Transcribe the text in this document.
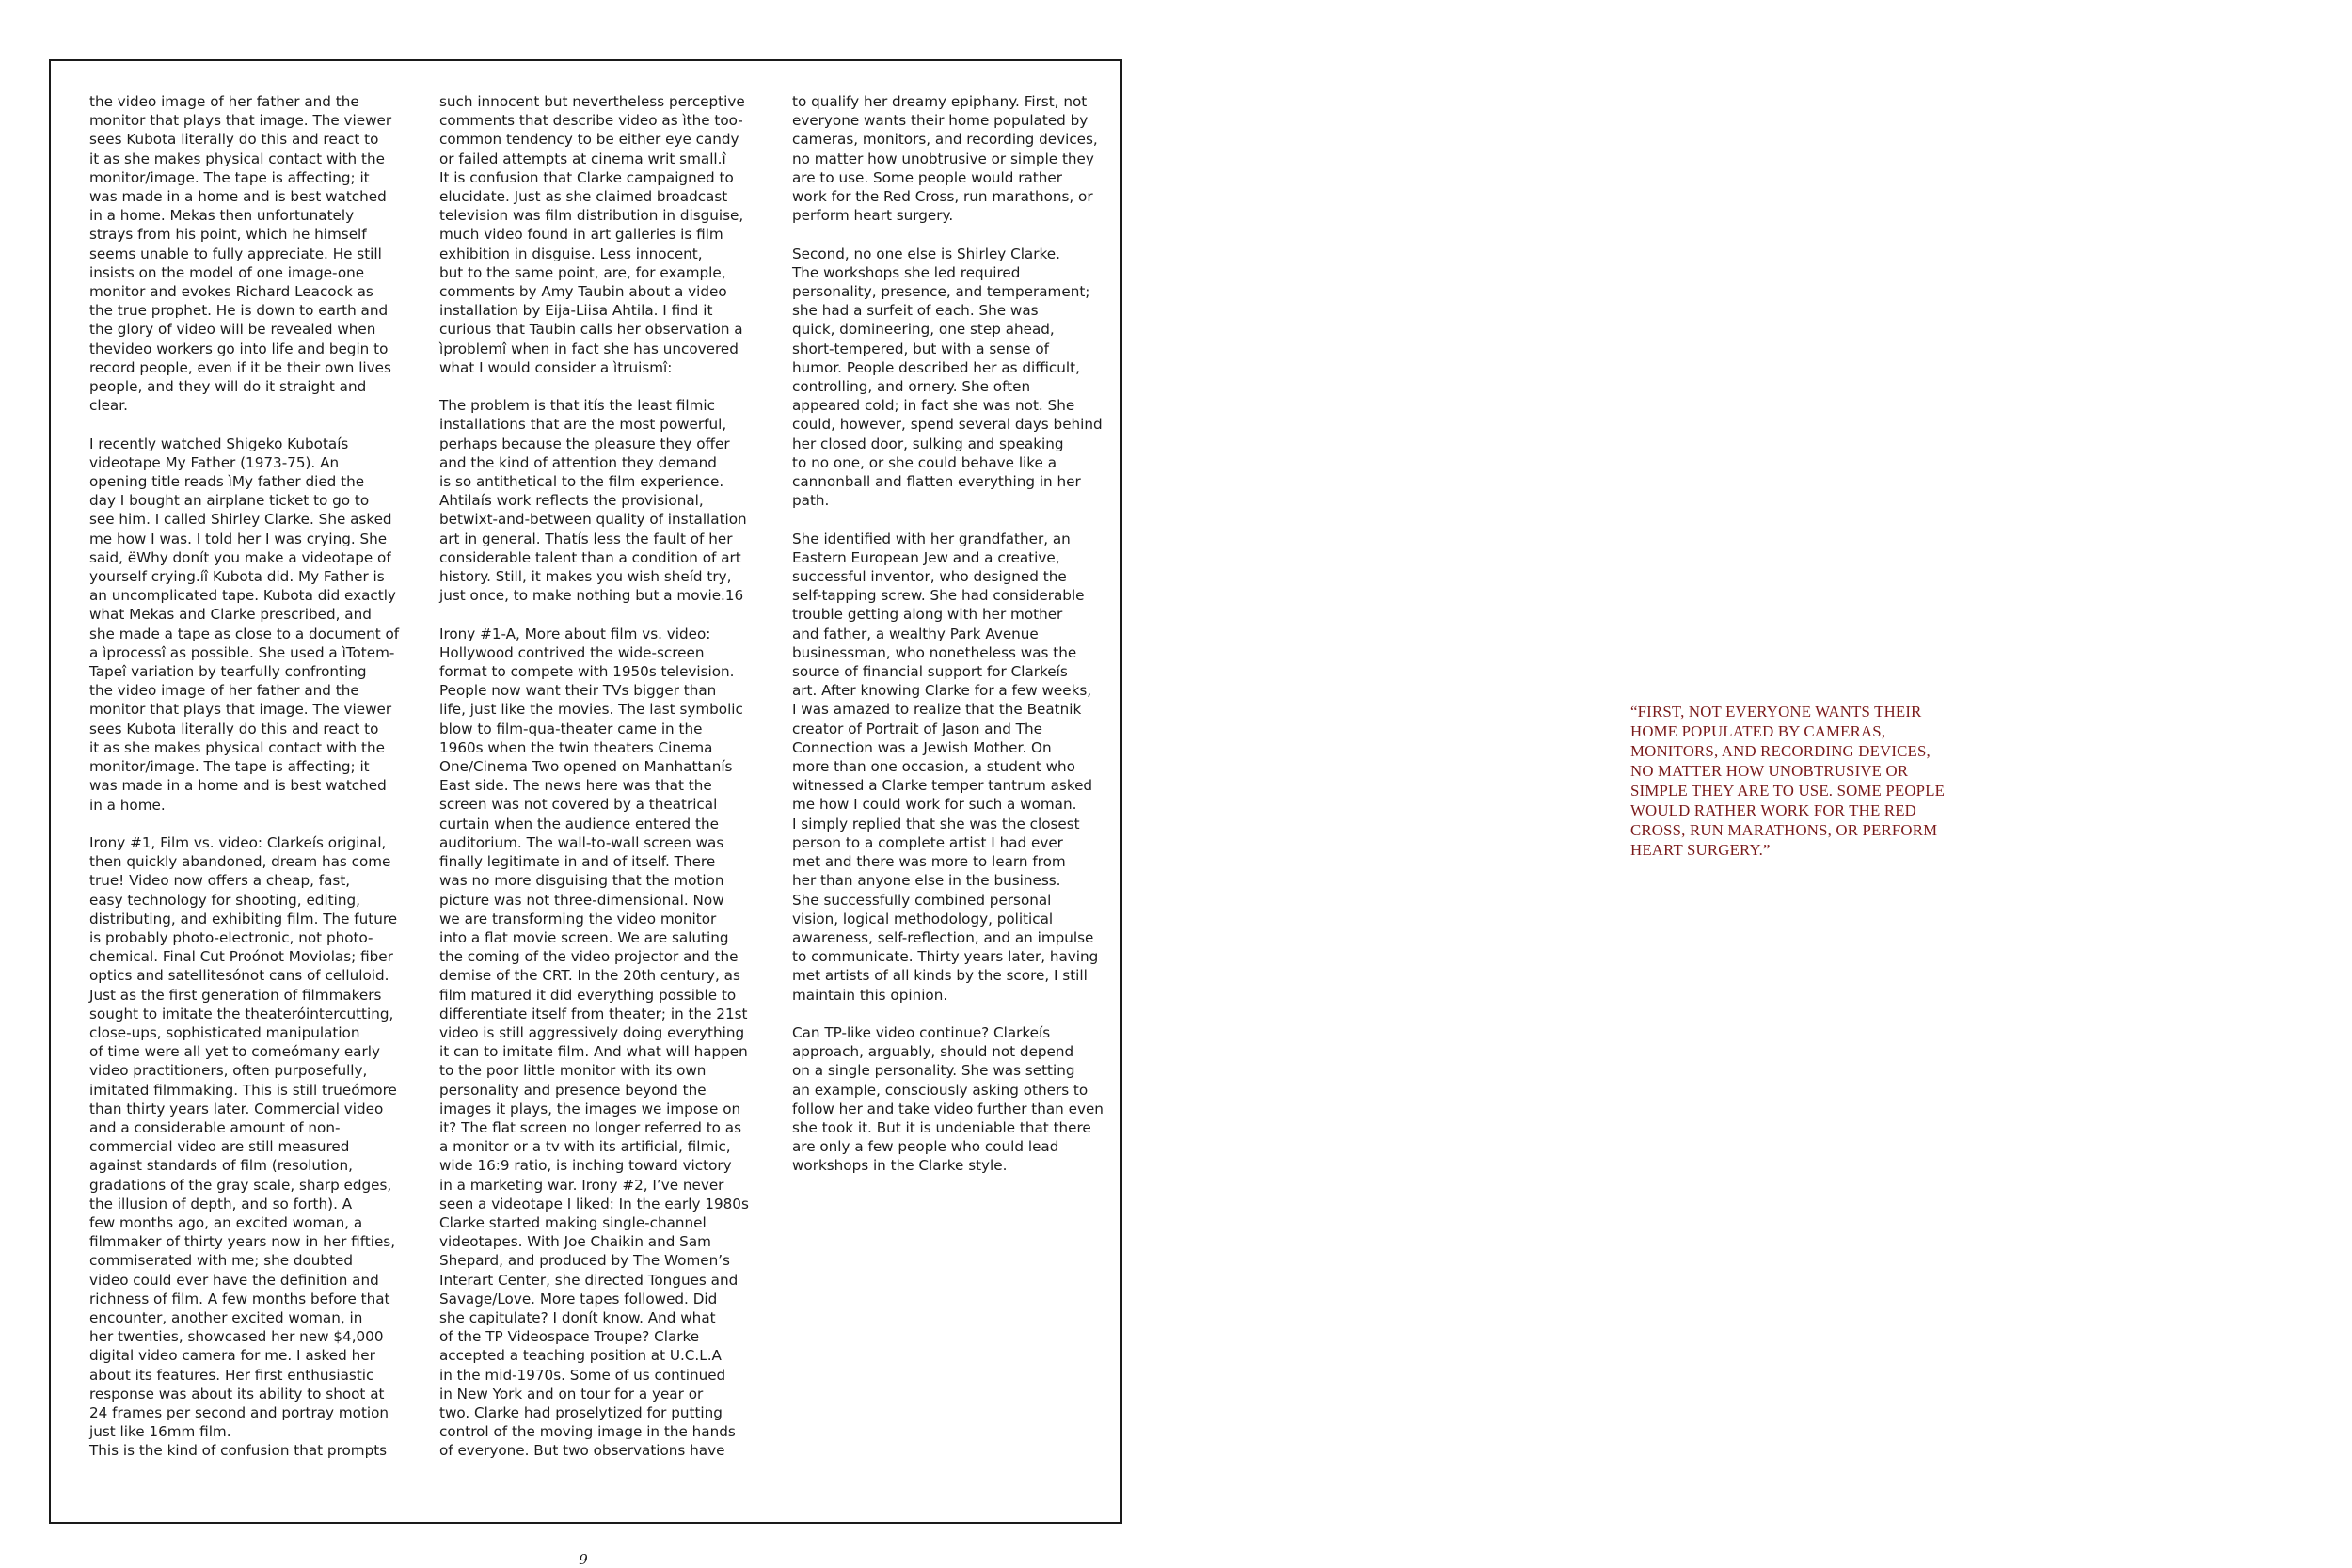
the video image of her father and the
monitor that plays that image. The viewer
sees Kubota literally do this and react to
it as she makes physical contact with the
monitor/image. The tape is affecting; it
was made in a home and is best watched
in a home. Mekas then unfortunately
strays from his point, which he himself
seems unable to fully appreciate. He still
insists on the model of one image-one
monitor and evokes Richard Leacock as
the true prophet. He is down to earth and
the glory of video will be revealed when
thevideo workers go into life and begin to
record people, even if it be their own lives
people, and they will do it straight and
clear.

I recently watched Shigeko Kubotaís
videotape My Father (1973-75). An
opening title reads ìMy father died the
day I bought an airplane ticket to go to
see him. I called Shirley Clarke. She asked
me how I was. I told her I was crying. She
said, ëWhy donít you make a videotape of
yourself crying.íî Kubota did. My Father is
an uncomplicated tape. Kubota did exactly
what Mekas and Clarke prescribed, and
she made a tape as close to a document of
a ìprocessî as possible. She used a ìTotem-
Tapeî variation by tearfully confronting
the video image of her father and the
monitor that plays that image. The viewer
sees Kubota literally do this and react to
it as she makes physical contact with the
monitor/image. The tape is affecting; it
was made in a home and is best watched
in a home.

Irony #1, Film vs. video: Clarkeís original,
then quickly abandoned, dream has come
true! Video now offers a cheap, fast,
easy technology for shooting, editing,
distributing, and exhibiting film. The future
is probably photo-electronic, not photo-
chemical. Final Cut Proónot Moviolas; fiber
optics and satellitesónot cans of celluloid.
Just as the first generation of filmmakers
sought to imitate the theateróintercutting,
close-ups, sophisticated manipulation
of time were all yet to comeómany early
video practitioners, often purposefully,
imitated filmmaking. This is still trueómore
than thirty years later. Commercial video
and a considerable amount of non-
commercial video are still measured
against standards of film (resolution,
gradations of the gray scale, sharp edges,
the illusion of depth, and so forth). A
few months ago, an excited woman, a
filmmaker of thirty years now in her fifties,
commiserated with me; she doubted
video could ever have the definition and
richness of film. A few months before that
encounter, another excited woman, in
her twenties, showcased her new $4,000
digital video camera for me. I asked her
about its features. Her first enthusiastic
response was about its ability to shoot at
24 frames per second and portray motion
just like 16mm film.

This is the kind of confusion that prompts

such innocent but nevertheless perceptive
comments that describe video as ìthe too-
common tendency to be either eye candy
or failed attempts at cinema writ small.î
It is confusion that Clarke campaigned to
elucidate. Just as she claimed broadcast
television was film distribution in disguise,
much video found in art galleries is film
exhibition in disguise. Less innocent,
but to the same point, are, for example,
comments by Amy Taubin about a video
installation by Eija-Liisa Ahtila. I find it
curious that Taubin calls her observation a
ìproblemî when in fact she has uncovered
what I would consider a ìtruismî:

The problem is that itís the least filmic
installations that are the most powerful,
perhaps because the pleasure they offer
and the kind of attention they demand
is so antithetical to the film experience.
Ahtilaís work reflects the provisional,
betwixt-and-between quality of installation
art in general. Thatís less the fault of her
considerable talent than a condition of art
history. Still, it makes you wish sheíd try,
just once, to make nothing but a movie.16

Irony #1-A, More about film vs. video:
Hollywood contrived the wide-screen
format to compete with 1950s television.
People now want their TVs bigger than
life, just like the movies. The last symbolic
blow to film-qua-theater came in the
1960s when the twin theaters Cinema
One/Cinema Two opened on Manhattanís
East side. The news here was that the
screen was not covered by a theatrical
curtain when the audience entered the
auditorium. The wall-to-wall screen was
finally legitimate in and of itself. There
was no more disguising that the motion
picture was not three-dimensional. Now
we are transforming the video monitor
into a flat movie screen. We are saluting
the coming of the video projector and the
demise of the CRT. In the 20th century, as
film matured it did everything possible to
differentiate itself from theater; in the 21st
video is still aggressively doing everything
it can to imitate film. And what will happen
to the poor little monitor with its own
personality and presence beyond the
images it plays, the images we impose on
it? The flat screen no longer referred to as
a monitor or a tv with its artificial, filmic,
wide 16:9 ratio, is inching toward victory
in a marketing war. Irony #2, I’ve never
seen a videotape I liked: In the early 1980s
Clarke started making single-channel
videotapes. With Joe Chaikin and Sam
Shepard, and produced by The Women’s
Interart Center, she directed Tongues and
Savage/Love. More tapes followed. Did
she capitulate? I donít know. And what
of the TP Videospace Troupe? Clarke
accepted a teaching position at U.C.L.A
in the mid-1970s. Some of us continued
in New York and on tour for a year or
two. Clarke had proselytized for putting
control of the moving image in the hands
of everyone. But two observations have

to qualify her dreamy epiphany. First, not
everyone wants their home populated by
cameras, monitors, and recording devices,
no matter how unobtrusive or simple they
are to use. Some people would rather
work for the Red Cross, run marathons, or
perform heart surgery.

Second, no one else is Shirley Clarke.
The workshops she led required
personality, presence, and temperament;
she had a surfeit of each. She was
quick, domineering, one step ahead,
short-tempered, but with a sense of
humor. People described her as difficult,
controlling, and ornery. She often
appeared cold; in fact she was not. She
could, however, spend several days behind
her closed door, sulking and speaking
to no one, or she could behave like a
cannonball and flatten everything in her
path.

She identified with her grandfather, an
Eastern European Jew and a creative,
successful inventor, who designed the
self-tapping screw. She had considerable
trouble getting along with her mother
and father, a wealthy Park Avenue
businessman, who nonetheless was the
source of financial support for Clarkeís
art. After knowing Clarke for a few weeks,
I was amazed to realize that the Beatnik
creator of Portrait of Jason and The
Connection was a Jewish Mother. On
more than one occasion, a student who
witnessed a Clarke temper tantrum asked
me how I could work for such a woman.
I simply replied that she was the closest
person to a complete artist I had ever
met and there was more to learn from
her than anyone else in the business.
She successfully combined personal
vision, logical methodology, political
awareness, self-reflection, and an impulse
to communicate. Thirty years later, having
met artists of all kinds by the score, I still
maintain this opinion.

Can TP-like video continue? Clarkeís
approach, arguably, should not depend
on a single personality. She was setting
an example, consciously asking others to
follow her and take video further than even
she took it. But it is undeniable that there
are only a few people who could lead
workshops in the Clarke style.

9

“FIRST, NOT EVERYONE WANTS THEIR HOME POPULATED BY CAMERAS, MONITORS, AND RECORDING DEVICES, NO MATTER HOW UNOBTRUSIVE OR SIMPLE THEY ARE TO USE. SOME PEOPLE WOULD RATHER WORK FOR THE RED CROSS, RUN MARATHONS, OR PERFORM HEART SURGERY.”
